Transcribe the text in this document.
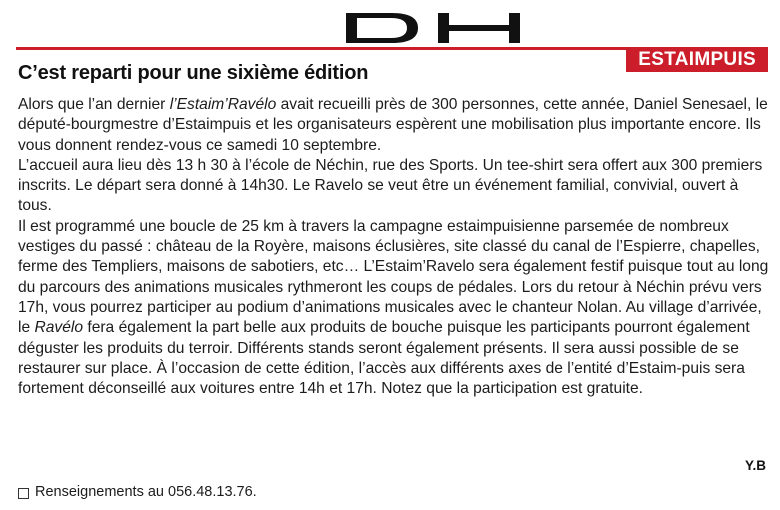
ESTAIMPUIS
C’est reparti pour une sixième édition

Alors que l’an dernier l’Estaim’Ravélo avait recueilli près de 300 personnes, cette année, Daniel Senesael, le député-bourgmestre d’Estaimpuis et les organisateurs espèrent une mobilisation plus importante encore. Ils vous donnent rendez-vous ce samedi 10 septembre.

L’accueil aura lieu dès 13 h 30 à l’école de Néchin, rue des Sports. Un tee-shirt sera offert aux 300 premiers inscrits. Le départ sera donné à 14h30. Le Ravelo se veut être un événement familial, convivial, ouvert à tous.

Il est programmé une boucle de 25 km à travers la campagne estaimpuisienne parsemée de nombreux vestiges du passé : château de la Royère, maisons éclusières, site classé du canal de l’Espierre, chapelles, ferme des Templiers, maisons de sabotiers, etc… L’Estaim’Ravelo sera également festif puisque tout au long du parcours des animations musicales rythmeront les coups de pédales. Lors du retour à Néchin prévu vers 17h, vous pourrez participer au podium d’animations musicales avec le chanteur Nolan. Au village d’arrivée, le Ravélo fera également la part belle aux produits de bouche puisque les participants pourront également déguster les produits du terroir. Différents stands seront également présents. Il sera aussi possible de se restaurer sur place. À l’occasion de cette édition, l’accès aux différents axes de l’entité d’Estaim-puis sera fortement déconseillé aux voitures entre 14h et 17h. Notez que la participation est gratuite.

Y.B
Renseignements au 056.48.13.76.
